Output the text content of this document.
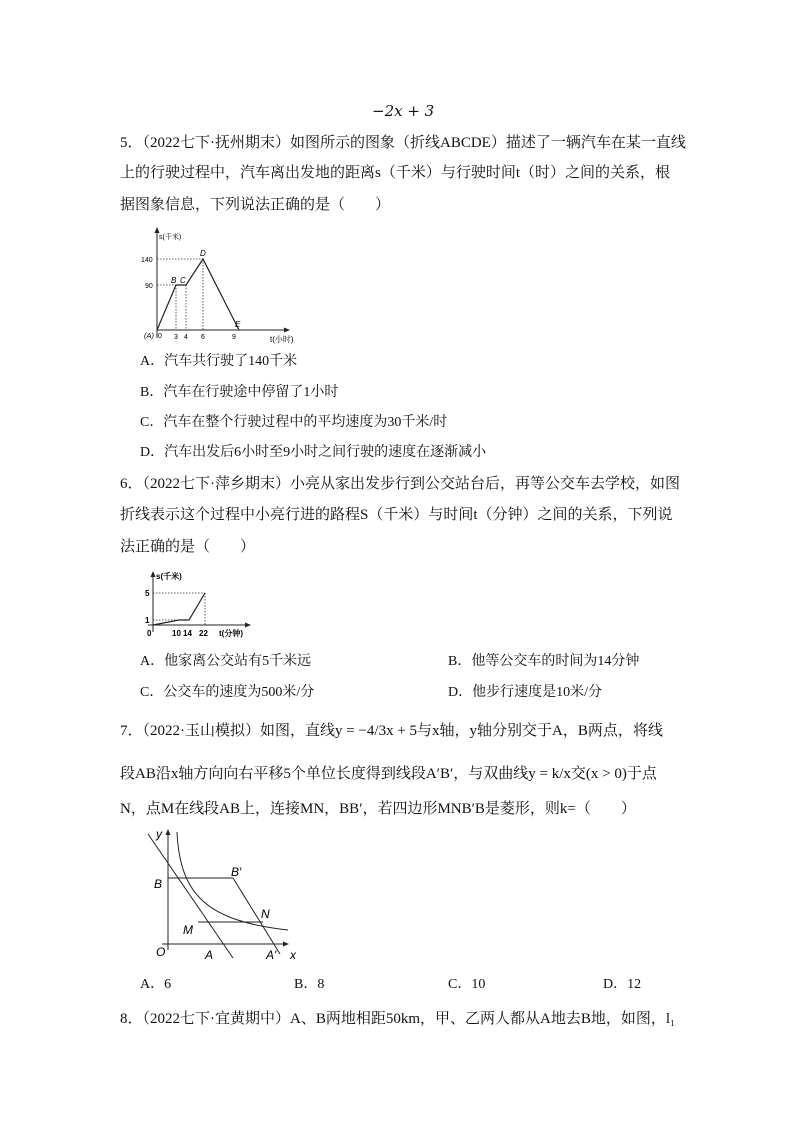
−2x + 3
5．（2022七下·抚州期末）如图所示的图象（折线ABCDE）描述了一辆汽车在某一直线
上的行驶过程中，汽车离出发地的距离s（千米）与行驶时间t（时）之间的关系，根
据图象信息，下列说法正确的是（　　）
s(千米)
140
90
(A) 0
B C
D
E
3 4 6	9	t(小时)
A．汽车共行驶了140千米
B．汽车在行驶途中停留了1小时
C．汽车在整个行驶过程中的平均速度为30千米/时
D．汽车出发后6小时至9小时之间行驶的速度在逐渐减小
6．（2022七下·萍乡期末）小亮从家出发步行到公交站台后，再等公交车去学校，如图
折线表示这个过程中小亮行进的路程S（千米）与时间t（分钟）之间的关系，下列说
法正确的是（　　）
s(千米)
5
1
0	10 14 22 t(分钟)
A．他家离公交站有5千米远	B．他等公交车的时间为14分钟
C．公交车的速度为500米/分	D．他步行速度是10米/分
7．（2022·玉山模拟）如图，直线y = −4/3x + 5与x轴，y轴分别交于A，B两点，将线
段AB沿x轴方向向右平移5个单位长度得到线段A′B′，与双曲线y = k/x交(x > 0)于点
N，点M在线段AB上，连接MN，BB′，若四边形MNB′B是菱形，则k=（　　）
y
x
O
B
B′
A	A′
M
N
A．6	B．8	C．10	D．12
8．（2022七下·宜黄期中）A、B两地相距50km，甲、乙两人都从A地去B地，如图，l₁
